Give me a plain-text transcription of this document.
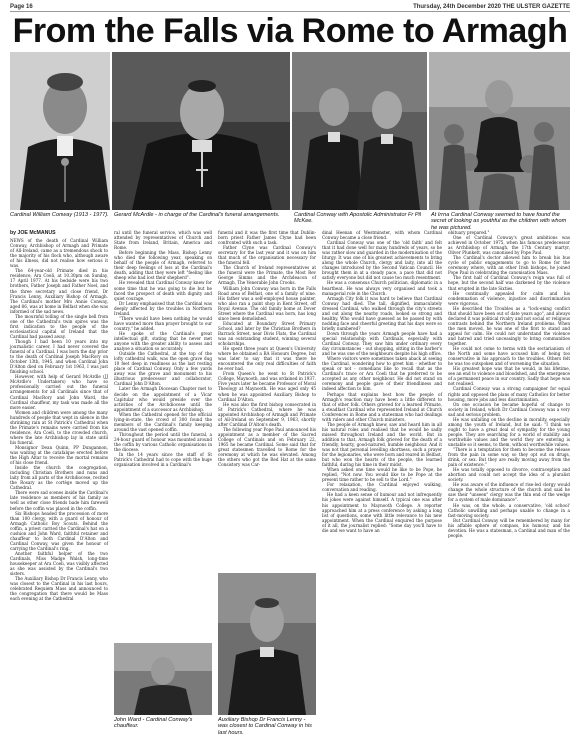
Page 16	Thursday, 24th December 2020 THE ULSTER GAZETTE
From the Falls via Rome to Armagh

Cardinal William Conway (1913 - 1977). Gerard McArdle - in charge of the Cardinal's funeral arrangements.	Cardinal Conway with Apostolic Administrator Fr Pil McKee.

At Irrna Cardinal Conway seemed to have found the secret of looking as youthful as the children with whom he was pictured.

by JOE McMANUS

NEWS of the death of Cardinal William Conway, Archbishop of Armagh and Primate of All-Ireland, came as a tremendous shock to the majority of his flock who, although aware of his illness, did not realise how serious it was.

The 64-year-old Primate died in his residence, Ara Coeli, at 10.30pm on Sunday, 17 April 1977. At his bedside were his two brothers, Father Joseph and Father Noel, and the three secretary and close friend, Dr Francis Lenny, Auxiliary Bishop of Armagh. The Cardinal's mother Mrs Annie Conway, aged 86, was at home in Belfast when she was informed of the sad news.

The mournful tolling of the single bell from one of the Cathedral's twin spires was the first indication to the people of the ecclesiastical capital of Ireland that the Cardinal had passed away.

Though I had been 10 years into my journalistic career, I had never covered the funeral of a Cardinal. I was born the day prior to the death of Cardinal Joseph MacRory on October 13th, 1945, and when Cardinal John D'Alton died on February 1st 1963, I was just finishing school.

However, with help of Gerard McArdle (JJ McArdle's Undertakers) who have so professionally carried out the funeral arrangements for all Cardinals since that of Cardinal MacRory and John Ward, the Cardinal chauffeur, my task was made all the more easier.

Women and children were among the many hundreds of people that wept in silence in the shrinking rain at St Patrick's Cathedral when the Primate's remains were carried from his residence, Ara Coeli, to the crowded church, where the late Archbishop lay in state until his funeral.

Monsignor Dean Quinn, PP Dungannon, was waiting at the catafalque erected before the High Altar to receive the mortal remains of his close friend.

Inside the church the congregation, including Christian Brothers and nuns and laity from all parts of the Archdiocese, recited the Rosary as the cortège moved up the Cathedral.

There were sad scenes inside the Cardinal's late residence as members of his family as well as other close friends bade him farewell before the coffin was placed in the coffin.

Six Bishops headed the procession of more than 100 clergy, with a guard of honour of Armagh Catholic Boy Scouts. Behind the coffin, a priest carried the Cardinal's hat on a cushion and John Ward, faithful retainer and chauffeur to both Cardinal D'Alton and Cardinal Conway, was given the honour of carrying the Cardinal's ring.

Another faithful helper of the two Cardinals, Miss Madge Walsh, long-time housekeeper at Ara Coeli, was visibly affected as she was assisted by the Cardinal's two sisters.

The Auxiliary Bishop Dr Francis Lenny, who was closest to the Cardinal in his last hours, celebrated Requiem Mass and announced to the congregation that there would be Mass each evening at the Cathedral

ral until the funeral service, which was well attended by representatives of Church and State from Ireland, Britain, America and Rome.

Before beginning the Mass, Bishop Lenny who died the following year, speaking on behalf of the people of Armagh, referred to their deep feelings of loss at the Cardinal's death, adding that they were left "feeling like sheep who had lost their shepherd".

He revealed that Cardinal Conway knew for some time that he was going to die but he faced the prospect of death with dignity and quiet courage.

Dr Lenny emphasised that the Cardinal was deeply affected by the troubles in Northern Ireland.

"There would have been nothing he would have wanted more than prayer brought to our country," he added.

He spoke of the Cardinal's great intellectual gift, stating that he never met anyone with the greater ability to assess and analyse a situation so accurately.

Outside the Cathedral, at the top of the lofty cathedral walk, was the open grave dug 10 feet deep in readiness as the last resting place of Cardinal Conway. Only a few yards away was the grave and monument to his illustrious predecessor and collaborator, Cardinal John D'Alton.

Later the Armagh Diocesan Chapter met to decide on the appointment of a Vicar Capitular who would preside over the activities of the Archdiocese until the appointment of a successor as Archbishop.

When the Cathedral opened for the official lying-in-state, the crowd of 300 found the members of the Cardinal's family keeping around the vast opened coffin.

Throughout the period until the funeral, a 24-hour guard of honour was mounted around the coffin by various Catholic organisations in the diocese.

In the 14 years since the staff of St Patrick's Cathedral had to cope with the huge organisation involved in a Cardinal's

John Ward - Cardinal Conway's chauffeur.

funeral and it was the first time that Dublin-born priest Father James Clyne had been confronted with such a task.

Father Clyne was Cardinal Conway's secretary for the last year and it was on him that much of the organisation necessary for the funeral fell.

The Church of Ireland representatives at the funeral were the Primate, the Most Rev George Simms and the Archdeacon of Armagh, The Venerable John Crooks.

William John Conway was born in the Falls Road area of Belfast, one of a family of nine. His father was a self-employed house painter, who also ran a paint shop in Kent Street, off Royal Avenue. The old family home at Dover Street where the Cardinal was born, has long since been demolished.

Educated at Boundary Street Primary School, and later by the Christian Brothers in Barrack Street, near Divis Flats, the Cardinal was an outstanding student, winning several scholarships.

He spent three years at Queen's University where he obtained a BA Honours Degree, but was later to say that it was there he encountered the only real difficulties of faith he ever had.

From Queen's he went to St Patrick's College, Maynooth, and was ordained in 1937. Five years later he became Professor of Moral Theology at Maynooth. He was aged only 45 when he was appointed Auxiliary Bishop to Cardinal D'Alton.

He was also the first bishop consecrated in St Patrick's Cathedral, where he was appointed Archbishop of Armagh and Primate of All-Ireland on September 9, 1963, shortly after Cardinal D'Alton's death.

The following year Pope Paul announced his appointment as a member of the Sacred College of Cardinals and on February 22, 1965 he became Cardinal. Some said that for great statesmen travelled to Rome for the ceremony at which he was elevated. Among the others who got the Red Hat at the same Consistory was Car-

Auxiliary Bishop Dr Francis Lenny - was closest to Cardinal Conway in his last hours.

dinal Heenan of Westminster, with whom Cardinal Conway became a close friend.

Cardinal Conway was one of the 'old faith' and felt that it had done well for many hundreds of years, so he was rather slow and guarded in the modernisation of the liturgy. It was one of his greatest achievements to bring along the whole Church, clergy and laity, into all the changes introduced by the Second Vatican Council. He brought them in at a steady pace, a pace that did not satisfy everyone but did not cause too much resentment.

He was a consensus Church politician, diplomatic in a heartbeat. He was always very organised and took a managerial role in the Church.

Armagh City folk it was hard to believe that Cardinal Conway had died. The tall, dignified, immaculately dressed Cardinal, who walked through the city's streets and out along the nearby roads, looked so strong and healthy. Who would have guessed as he passed by with nodding face and cheerful greeting that his days were so briefly numbered?

Down through the years Armagh people have had a special relationship with Cardinals, especially with Cardinal Conway. They saw him under ordinary every day circumstances - out shopping, sitting in the barber's and he was one of the neighbours despite his high office.

Where visitors were sometimes taken aback at seeing the Cardinal, wondering how to greet him - whether to speak or not - comedians like to recall that as the Cardinal's trace or Ara Coeli that he preferred to be accepted as any other neighbour. He did not stand on ceremony and people gave of their friendliness and indeed affection to him.

Perhaps that explains best how the people of Armagh's reaction may have been a little different to that of other folk. Others grieved for a learned Primate, a steadfast Cardinal who represented Ireland at Church Conferences in Rome and a statesman who had dealings with rulers and other Church ministers.

The people of Armagh knew, saw and heard him in all his natural roles and realised that he would be sadly missed throughout Ireland and the world. But in addition to that, Armagh folk grieved for the death of a friendly, hearty, good-natured, humble neighbour. And it was not that personal levelling shortness, such a prayer for the legionaries, who were born and reared in Belfast, but who won the hearts of the people, the learned faithful, during his time in their midst.

When asked one time would he like to be Pope, he replied, "Not now. You would like to be Pope at the present time rather to be sell to the Lord."

For relaxation, the Cardinal enjoyed walking, conversation and reading.

He had a keen sense of humour and not infrequently his jokes were against himself. A typical one was after his appointment to Maynooth College. A reporter approached him at a press conference by asking a long list of questions, some with little relevance to his new appointment. When the Cardinal enquired the purpose of it all, the journalist replied: "Some day you'll have to die and we want to have an

obituary prepared."

One of Cardinal Conway's great ambitions was achieved in October 1975, when his famous predecessor as Archbishop of Armagh, the 17th Century martyr, Oliver Plunkett, was canonised by Pope Paul.

The Cardinal's doctor allowed him to break his bus cycle of public engagements to go to Rome for the ceremony where, with an other Irish bishops, he joined Pope Paul in celebrating the canonisation Mass.

The first half of Cardinal Conway's reign was full of hope, but the second half was darkened by the violence that erupted in the late Sixties.

He continually appealed for calm and his condemnation of violence, injustice and discrimination were vigorous.

He described the Troubles as a "lock-ening conflict that should have been out of date years ago", and always declared it was political rivalry and not social or religious contrasts behind the Northern Ireland problems. When the men moved, he was one of the first to stand and appeal for calm. He could not understand the violence and hatred and tried unceasingly to bring communities together.

He could not come to terms with the sectarianism of the North and some have accused him of being too conservative in his approach to the troubles. Others felt he was too outspoken and of worsening the situation.

His greatest hope was that he would, in his lifetime, see an end to violence and bloodshed, and the emergence of a permanent peace in our country. Sadly that hope was not realised.

Cardinal Conway was a strong campaigner for equal rights and opposed the plans of many Catholics for better housing, more jobs and less discrimination.

On one occasion he became hopeful of change to society in Ireland, which Dr Cardinal Conway was a very sad and serious problem.

He was unfailing on the decline in morality, especially among the youth of Ireland, but he said: "I think we ought to have a great deal of sympathy for the young people. They are searching for a world of stability and worthwhile values and the world they are entering is unstable so it seems, to them, without worthwhile values.

"There is a temptation for them to become the release from the pain in some way so they opt out on drugs, drink, or sex. But they are really moving away from the pain of existence."

He was totally opposed to divorce, contraception and abortion and could not accept the idea of a pluralist society.

He was aware of the influence of rise-led clergy would change the whole structure of the church and said he saw their "unseen" clergy was the thin end of the wedge for a system of male dominance".

He was, on the whole, a conservative, 'old school' Catholic unwilling and perhaps unable to change in a fast-moving society.

But Cardinal Conway will be remembered by many for his affable sphere of compass, his humour, and his devotion. He was a statesman, a Cardinal and man of the people.
